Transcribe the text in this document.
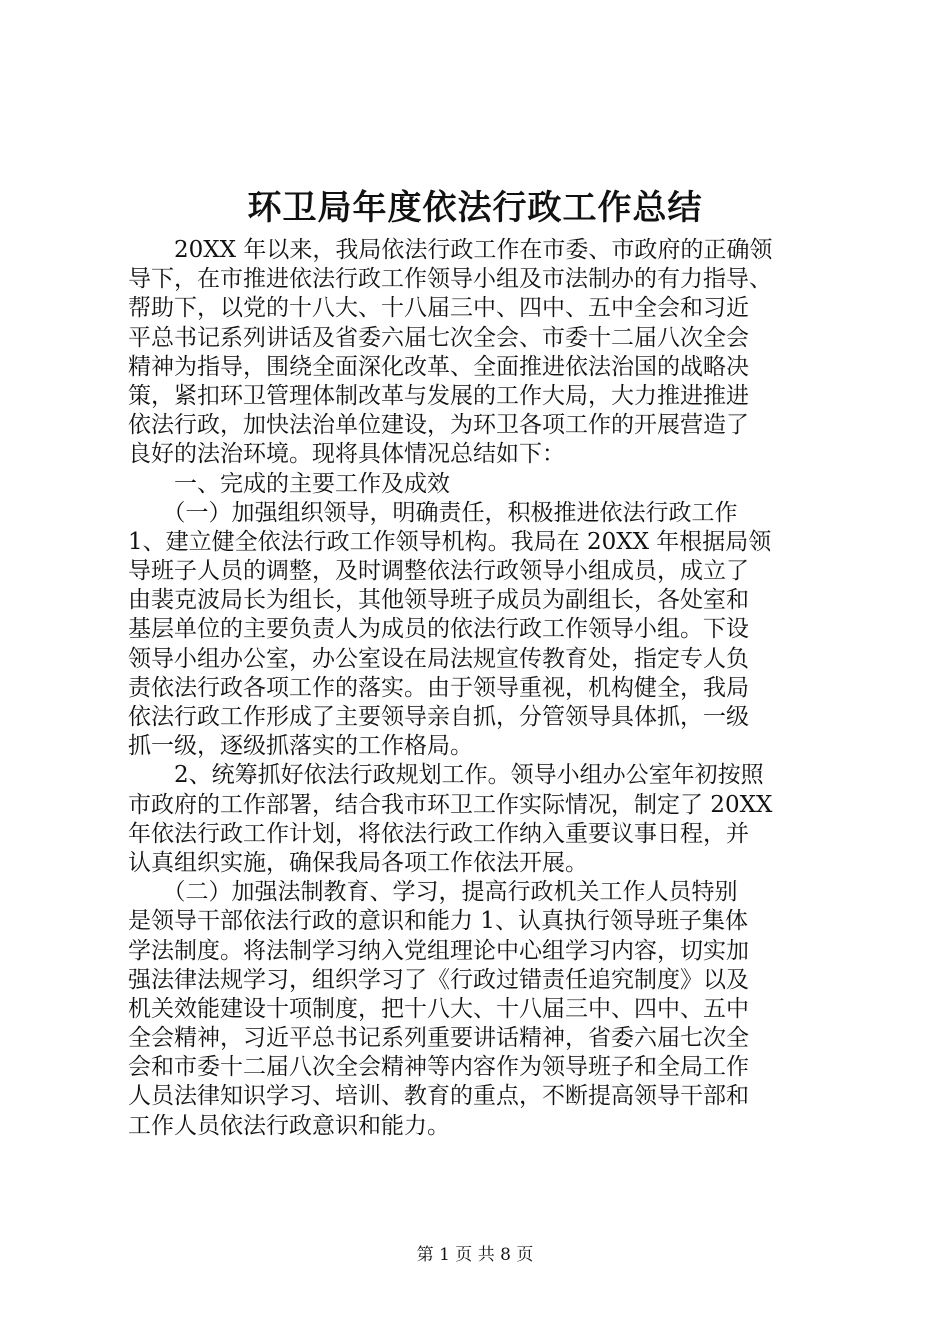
环卫局年度依法行政工作总结
　　20XX 年以来，我局依法行政工作在市委、市政府的正确领
导下，在市推进依法行政工作领导小组及市法制办的有力指导、
帮助下，以党的十八大、十八届三中、四中、五中全会和习近
平总书记系列讲话及省委六届七次全会、市委十二届八次全会
精神为指导，围绕全面深化改革、全面推进依法治国的战略决
策，紧扣环卫管理体制改革与发展的工作大局，大力推进推进
依法行政，加快法治单位建设，为环卫各项工作的开展营造了
良好的法治环境。现将具体情况总结如下：
　　一、完成的主要工作及成效
　　（一）加强组织领导，明确责任，积极推进依法行政工作
1、建立健全依法行政工作领导机构。我局在 20XX 年根据局领
导班子人员的调整，及时调整依法行政领导小组成员，成立了
由裴克波局长为组长，其他领导班子成员为副组长，各处室和
基层单位的主要负责人为成员的依法行政工作领导小组。下设
领导小组办公室，办公室设在局法规宣传教育处，指定专人负
责依法行政各项工作的落实。由于领导重视，机构健全，我局
依法行政工作形成了主要领导亲自抓，分管领导具体抓，一级
抓一级，逐级抓落实的工作格局。
　　2、统筹抓好依法行政规划工作。领导小组办公室年初按照
市政府的工作部署，结合我市环卫工作实际情况，制定了 20XX
年依法行政工作计划，将依法行政工作纳入重要议事日程，并
认真组织实施，确保我局各项工作依法开展。
　　（二）加强法制教育、学习，提高行政机关工作人员特别
是领导干部依法行政的意识和能力 1、认真执行领导班子集体
学法制度。将法制学习纳入党组理论中心组学习内容，切实加
强法律法规学习，组织学习了《行政过错责任追究制度》以及
机关效能建设十项制度，把十八大、十八届三中、四中、五中
全会精神，习近平总书记系列重要讲话精神，省委六届七次全
会和市委十二届八次全会精神等内容作为领导班子和全局工作
人员法律知识学习、培训、教育的重点，不断提高领导干部和
工作人员依法行政意识和能力。
第 1 页 共 8 页
